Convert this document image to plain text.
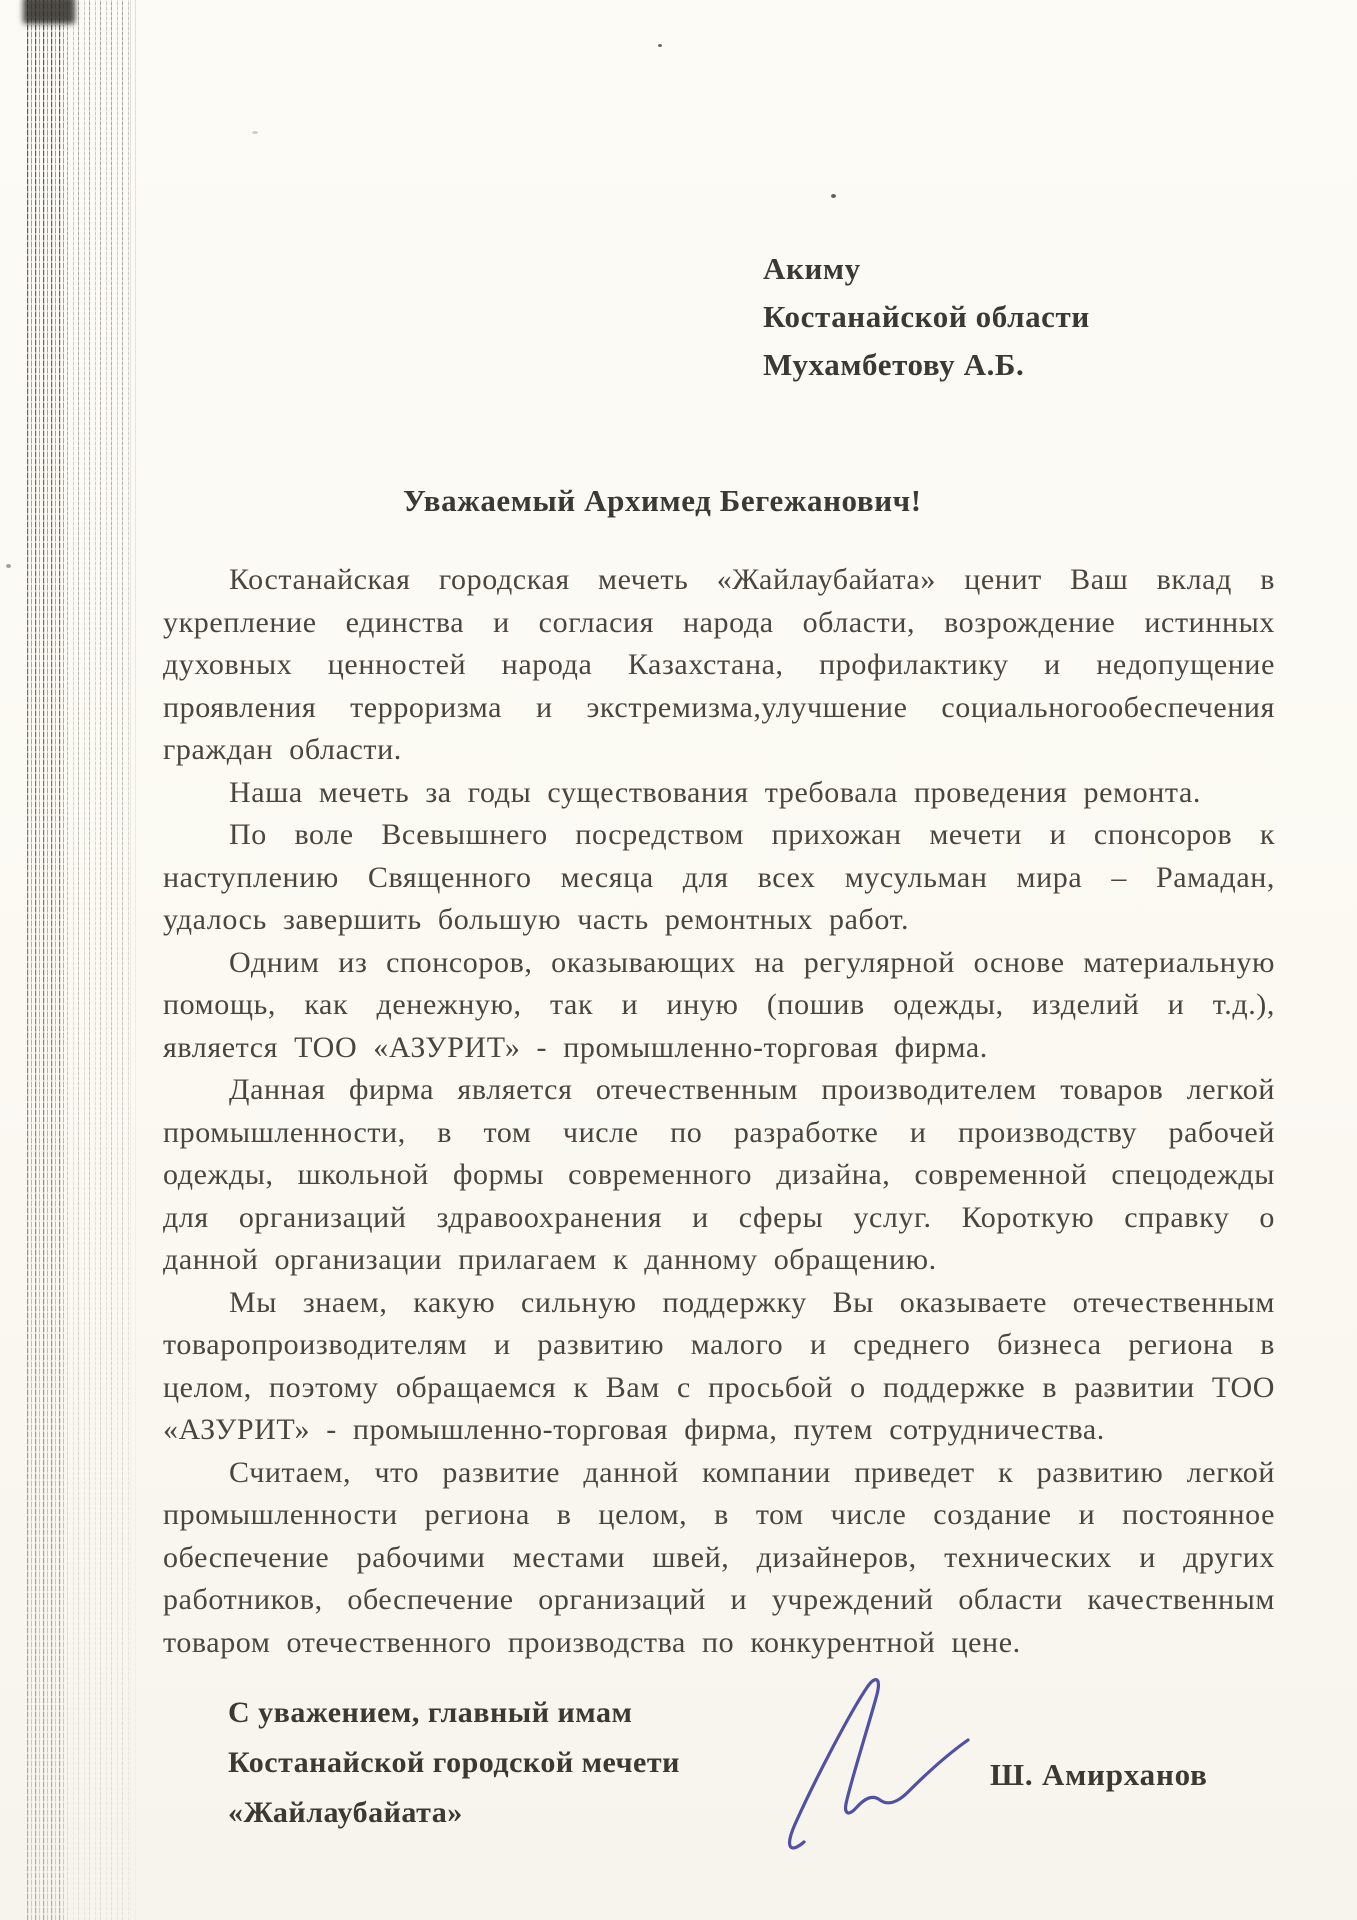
Акиму
Костанайской области
Мухамбетову А.Б.
Уважаемый Архимед Бегежанович!

Костанайская городская мечеть «Жайлаубайата» ценит Ваш вклад в укрепление единства и согласия народа области, возрождение истинных духовных ценностей народа Казахстана, профилактику и недопущение проявления терроризма и экстремизма,улучшение социальногообеспечения граждан области.

Наша мечеть за годы существования требовала проведения ремонта.

По воле Всевышнего посредством прихожан мечети и спонсоров к наступлению Священного месяца для всех мусульман мира – Рамадан, удалось завершить большую часть ремонтных работ.

Одним из спонсоров, оказывающих на регулярной основе материальную помощь, как денежную, так и иную (пошив одежды, изделий и т.д.), является ТОО «АЗУРИТ» - промышленно-торговая фирма.

Данная фирма является отечественным производителем товаров легкой промышленности, в том числе по разработке и производству рабочей одежды, школьной формы современного дизайна, современной спецодежды для организаций здравоохранения и сферы услуг. Короткую справку о данной организации прилагаем к данному обращению.

Мы знаем, какую сильную поддержку Вы оказываете отечественным товаропроизводителям и развитию малого и среднего бизнеса региона в целом, поэтому обращаемся к Вам с просьбой о поддержке в развитии ТОО «АЗУРИТ» - промышленно-торговая фирма, путем сотрудничества.

Считаем, что развитие данной компании приведет к развитию легкой промышленности региона в целом, в том числе создание и постоянное обеспечение рабочими местами швей, дизайнеров, технических и других работников, обеспечение организаций и учреждений области качественным товаром отечественного производства по конкурентной цене.

С уважением, главный имам
Костанайской городской мечети
«Жайлаубайата»
Ш. Амирханов
